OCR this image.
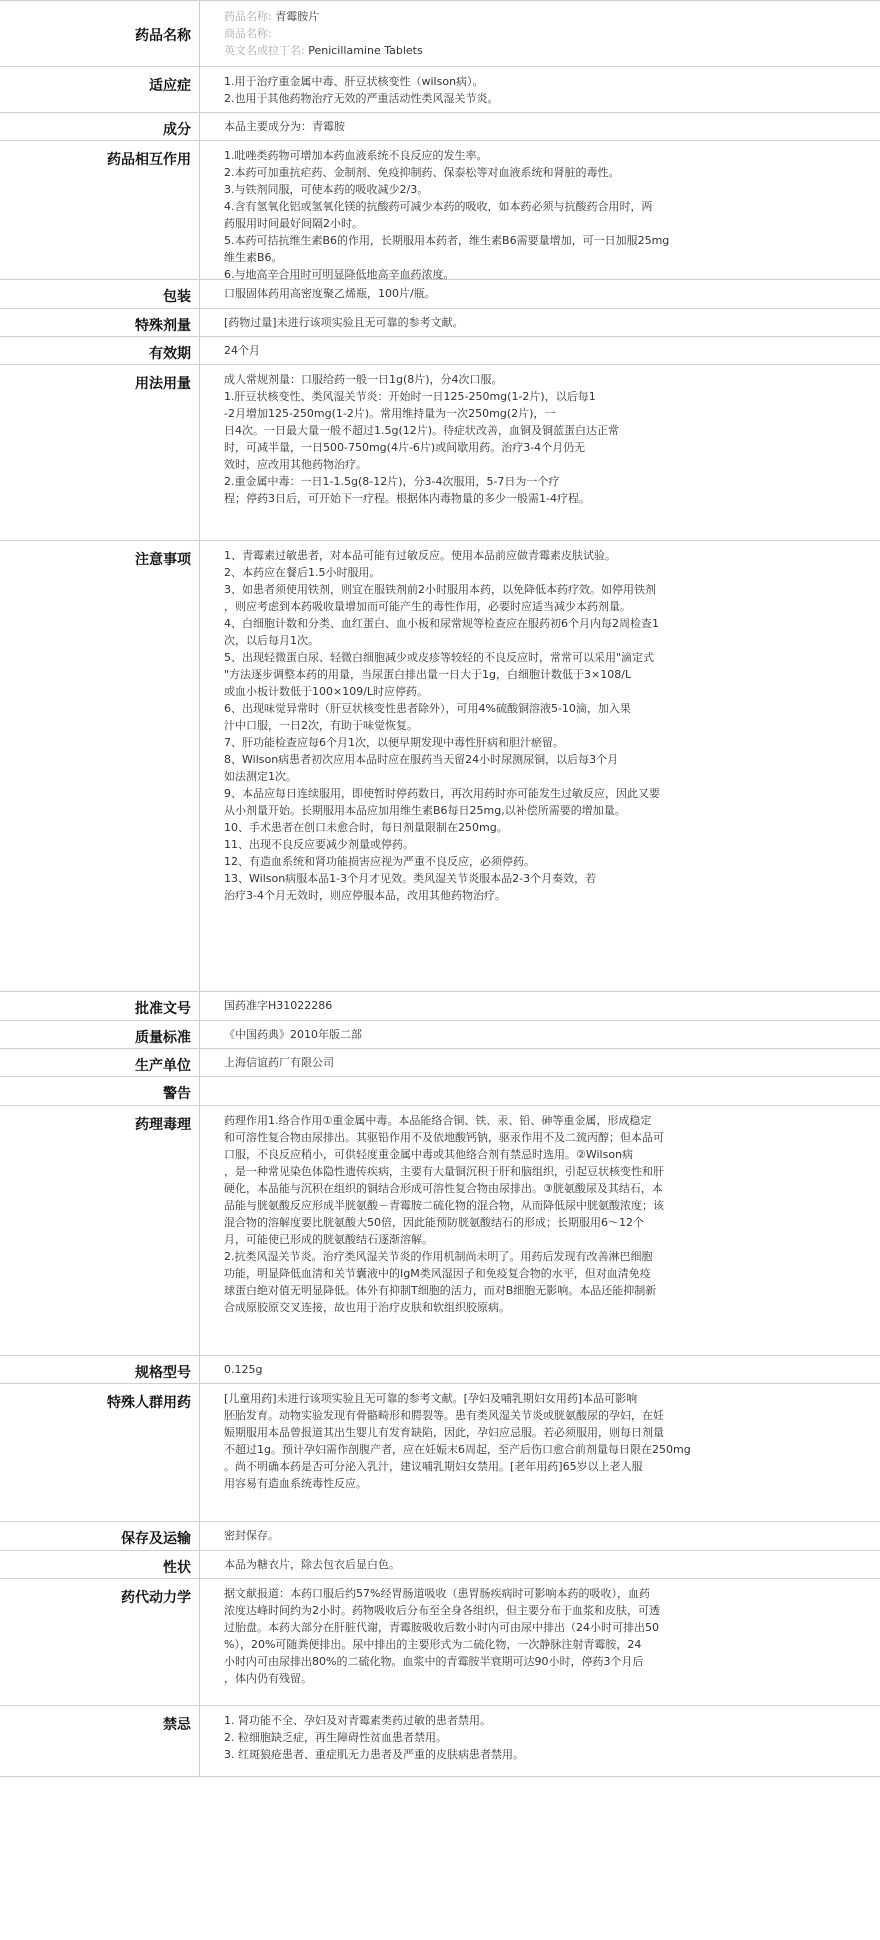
药品名称
药品名称: 青霉胺片
商品名称:
英文名或拉丁名: Penicillamine Tablets
适应症	1.用于治疗重金属中毒、肝豆状核变性（wilson病）。
2.也用于其他药物治疗无效的严重活动性类风湿关节炎。
成分	本品主要成分为：青霉胺
药品相互作用	1.吡唑类药物可增加本药血液系统不良反应的发生率。
2.本药可加重抗疟药、金制剂、免疫抑制药、保泰松等对血液系统和肾脏的毒性。
3.与铁剂同服，可使本药的吸收减少2/3。
4.含有氢氧化铝或氢氧化镁的抗酸药可减少本药的吸收，如本药必须与抗酸药合用时，两
药服用时间最好间隔2小时。
5.本药可拮抗维生素B6的作用，长期服用本药者，维生素B6需要量增加，可一日加服25mg
维生素B6。
6.与地高辛合用时可明显降低地高辛血药浓度。
包装	口服固体药用高密度聚乙烯瓶，100片/瓶。
特殊剂量	[药物过量]未进行该项实验且无可靠的参考文献。
有效期	24个月
用法用量	成人常规剂量：口服给药一般一日1g(8片)，分4次口服。
1.肝豆状核变性、类风湿关节炎：开始时一日125-250mg(1-2片)，以后每1
-2月增加125-250mg(1-2片)。常用维持量为一次250mg(2片)，一
日4次。一日最大量一般不超过1.5g(12片)。待症状改善，血铜及铜蓝蛋白达正常
时，可减半量，一日500-750mg(4片-6片)或间歇用药。治疗3-4个月仍无
效时，应改用其他药物治疗。
2.重金属中毒：一日1-1.5g(8-12片)，分3-4次服用，5-7日为一个疗
程；停药3日后，可开始下一疗程。根据体内毒物量的多少一般需1-4疗程。
注意事项	1、青霉素过敏患者，对本品可能有过敏反应。使用本品前应做青霉素皮肤试验。
2、本药应在餐后1.5小时服用。
3、如患者须使用铁剂，则宜在服铁剂前2小时服用本药，以免降低本药疗效。如停用铁剂
，则应考虑到本药吸收量增加而可能产生的毒性作用，必要时应适当减少本药剂量。
4、白细胞计数和分类、血红蛋白、血小板和尿常规等检查应在服药初6个月内每2周检查1
次，以后每月1次。
5、出现轻微蛋白尿、轻微白细胞减少或皮疹等较轻的不良反应时，常常可以采用"滴定式
"方法逐步调整本药的用量，当尿蛋白排出量一日大于1g，白细胞计数低于3×108/L
或血小板计数低于100×109/L时应停药。
6、出现味觉异常时（肝豆状核变性患者除外），可用4%硫酸铜溶液5-10滴，加入果
汁中口服，一日2次，有助于味觉恢复。
7、肝功能检查应每6个月1次，以便早期发现中毒性肝病和胆汁瘀留。
8、Wilson病患者初次应用本品时应在服药当天留24小时尿测尿铜，以后每3个月
如法测定1次。
9、本品应每日连续服用，即使暂时停药数日，再次用药时亦可能发生过敏反应，因此又要
从小剂量开始。长期服用本品应加用维生素B6每日25mg,以补偿所需要的增加量。
10、手术患者在创口未愈合时，每日剂量限制在250mg。
11、出现不良反应要减少剂量或停药。
12、有造血系统和肾功能损害应视为严重不良反应，必须停药。
13、Wilson病服本品1-3个月才见效。类风湿关节炎服本品2-3个月奏效，若
治疗3-4个月无效时，则应停服本品，改用其他药物治疗。
批准文号	国药准字H31022286
质量标准	《中国药典》2010年版二部
生产单位	上海信谊药厂有限公司
警告
药理毒理	药理作用1.络合作用①重金属中毒。本品能络合铜、铁、汞、铅、砷等重金属，形成稳定
和可溶性复合物由尿排出。其驱铅作用不及依地酸钙钠，驱汞作用不及二巯丙醇；但本品可
口服，不良反应稍小，可供轻度重金属中毒或其他络合剂有禁忌时选用。②Wilson病
，是一种常见染色体隐性遗传疾病，主要有大量铜沉积于肝和脑组织，引起豆状核变性和肝
硬化，本品能与沉积在组织的铜结合形成可溶性复合物由尿排出。③胱氨酸尿及其结石，本
品能与胱氨酸反应形成半胱氨酸－青霉胺二硫化物的混合物，从而降低尿中胱氨酸浓度；该
混合物的溶解度要比胱氨酸大50倍，因此能预防胱氨酸结石的形成；长期服用6～12个
月，可能使已形成的胱氨酸结石逐渐溶解。
2.抗类风湿关节炎。治疗类风湿关节炎的作用机制尚未明了。用药后发现有改善淋巴细胞
功能，明显降低血清和关节囊液中的IgM类风湿因子和免疫复合物的水平，但对血清免疫
球蛋白绝对值无明显降低。体外有抑制T细胞的活力，而对B细胞无影响。本品还能抑制新
合成原胶原交叉连接，故也用于治疗皮肤和软组织胶原病。
规格型号	0.125g
特殊人群用药	[儿童用药]未进行该项实验且无可靠的参考文献。[孕妇及哺乳期妇女用药]本品可影响
胚胎发育。动物实验发现有骨骼畸形和腭裂等。患有类风湿关节炎或胱氨酸尿的孕妇，在妊
娠期服用本品曾报道其出生婴儿有发育缺陷，因此，孕妇应忌服。若必须服用，则每日剂量
不超过1g。预计孕妇需作剖腹产者，应在妊娠末6周起，至产后伤口愈合前剂量每日限在250mg
。尚不明确本药是否可分泌入乳汁，建议哺乳期妇女禁用。[老年用药]65岁以上老人服
用容易有造血系统毒性反应。
保存及运输	密封保存。
性状	本品为糖衣片，除去包衣后显白色。
药代动力学	据文献报道：本药口服后约57%经胃肠道吸收（患胃肠疾病时可影响本药的吸收），血药
浓度达峰时间约为2小时。药物吸收后分布至全身各组织，但主要分布于血浆和皮肤，可透
过胎盘。本药大部分在肝脏代谢，青霉胺吸收后数小时内可由尿中排出（24小时可排出50
%），20%可随粪便排出。尿中排出的主要形式为二硫化物，一次静脉注射青霉胺，24
小时内可由尿排出80%的二硫化物。血浆中的青霉胺半衰期可达90小时，停药3个月后
，体内仍有残留。
禁忌	1. 肾功能不全、孕妇及对青霉素类药过敏的患者禁用。
2. 粒细胞缺乏症，再生障碍性贫血患者禁用。
3. 红斑狼疮患者、重症肌无力患者及严重的皮肤病患者禁用。
